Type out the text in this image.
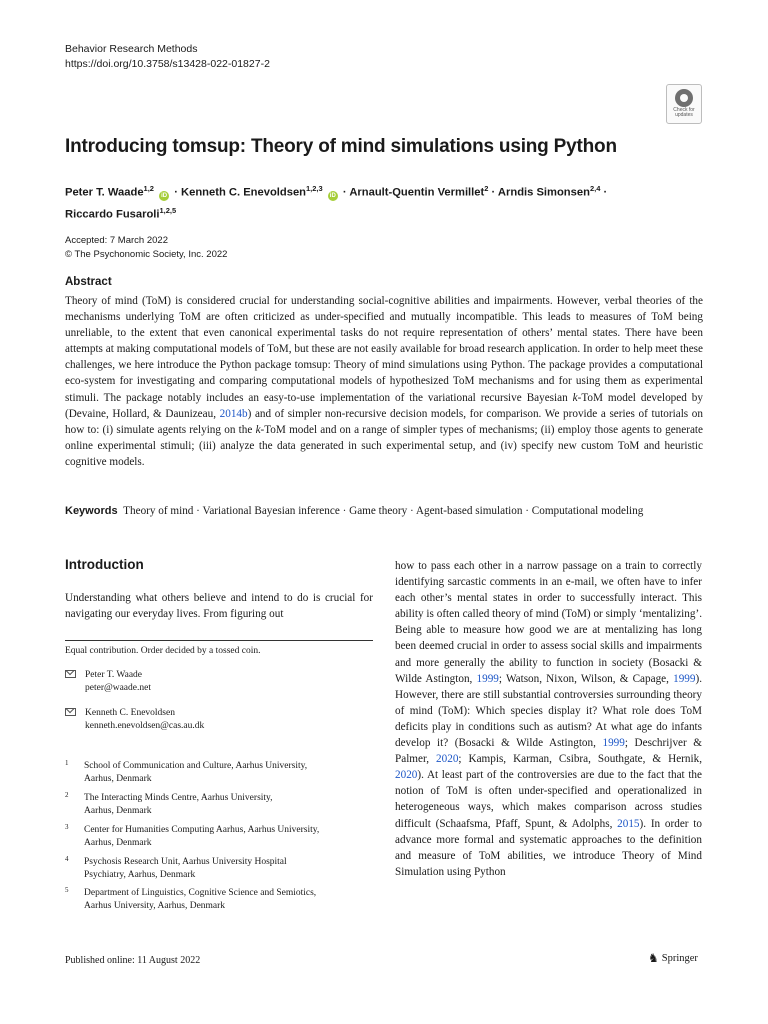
Behavior Research Methods
https://doi.org/10.3758/s13428-022-01827-2
Check for
updates
Introducing tomsup: Theory of mind simulations using Python
Peter T. Waade$^{1,2}$ iD · Kenneth C. Enevoldsen$^{1,2,3}$ iD · Arnault-Quentin Vermillet$^2$ · Arndis Simonsen$^{2,4}$ ·
Riccardo Fusaroli$^{1,2,5}$
Accepted: 7 March 2022
© The Psychonomic Society, Inc. 2022
Abstract
Theory of mind (ToM) is considered crucial for understanding social-cognitive abilities and impairments. However, verbal theories of the mechanisms underlying ToM are often criticized as under-specified and mutually incompatible. This leads to measures of ToM being unreliable, to the extent that even canonical experimental tasks do not require representation of others’ mental states. There have been attempts at making computational models of ToM, but these are not easily available for broad research application. In order to help meet these challenges, we here introduce the Python package tomsup: Theory of mind simulations using Python. The package provides a computational eco-system for investigating and comparing computational models of hypothesized ToM mechanisms and for using them as experimental stimuli. The package notably includes an easy-to-use implementation of the variational recursive Bayesian k-ToM model developed by (Devaine, Hollard, & Daunizeau, 2014b) and of simpler non-recursive decision models, for comparison. We provide a series of tutorials on how to: (i) simulate agents relying on the k-ToM model and on a range of simpler types of mechanisms; (ii) employ those agents to generate online experimental stimuli; (iii) analyze the data generated in such experimental setup, and (iv) specify new custom ToM and heuristic cognitive models.
Keywords Theory of mind · Variational Bayesian inference · Game theory · Agent-based simulation · Computational modeling
Introduction
Understanding what others believe and intend to do is crucial for navigating our everyday lives. From figuring out
Equal contribution. Order decided by a tossed coin.
Peter T. Waade
peter@waade.net
Kenneth C. Enevoldsen
kenneth.enevoldsen@cas.au.dk
1 School of Communication and Culture, Aarhus University,
Aarhus, Denmark
2 The Interacting Minds Centre, Aarhus University,
Aarhus, Denmark
3 Center for Humanities Computing Aarhus, Aarhus University,
Aarhus, Denmark
4 Psychosis Research Unit, Aarhus University Hospital
Psychiatry, Aarhus, Denmark
5 Department of Linguistics, Cognitive Science and Semiotics,
Aarhus University, Aarhus, Denmark
how to pass each other in a narrow passage on a train to correctly identifying sarcastic comments in an e-mail, we often have to infer each other’s mental states in order to successfully interact. This ability is often called theory of mind (ToM) or simply ‘mentalizing’. Being able to measure how good we are at mentalizing has long been deemed crucial in order to assess social skills and impairments and more generally the ability to function in society (Bosacki & Wilde Astington, 1999; Watson, Nixon, Wilson, & Capage, 1999). However, there are still substantial controversies surrounding theory of mind (ToM): Which species display it? What role does ToM deficits play in conditions such as autism? At what age do infants develop it? (Bosacki & Wilde Astington, 1999; Deschrijver & Palmer, 2020; Kampis, Karman, Csibra, Southgate, & Hernik, 2020). At least part of the controversies are due to the fact that the notion of ToM is often under-specified and operationalized in heterogeneous ways, which makes comparison across studies difficult (Schaafsma, Pfaff, Spunt, & Adolphs, 2015). In order to advance more formal and systematic approaches to the definition and measure of ToM abilities, we introduce Theory of Mind Simulation using Python
Published online: 11 August 2022	♞ Springer
